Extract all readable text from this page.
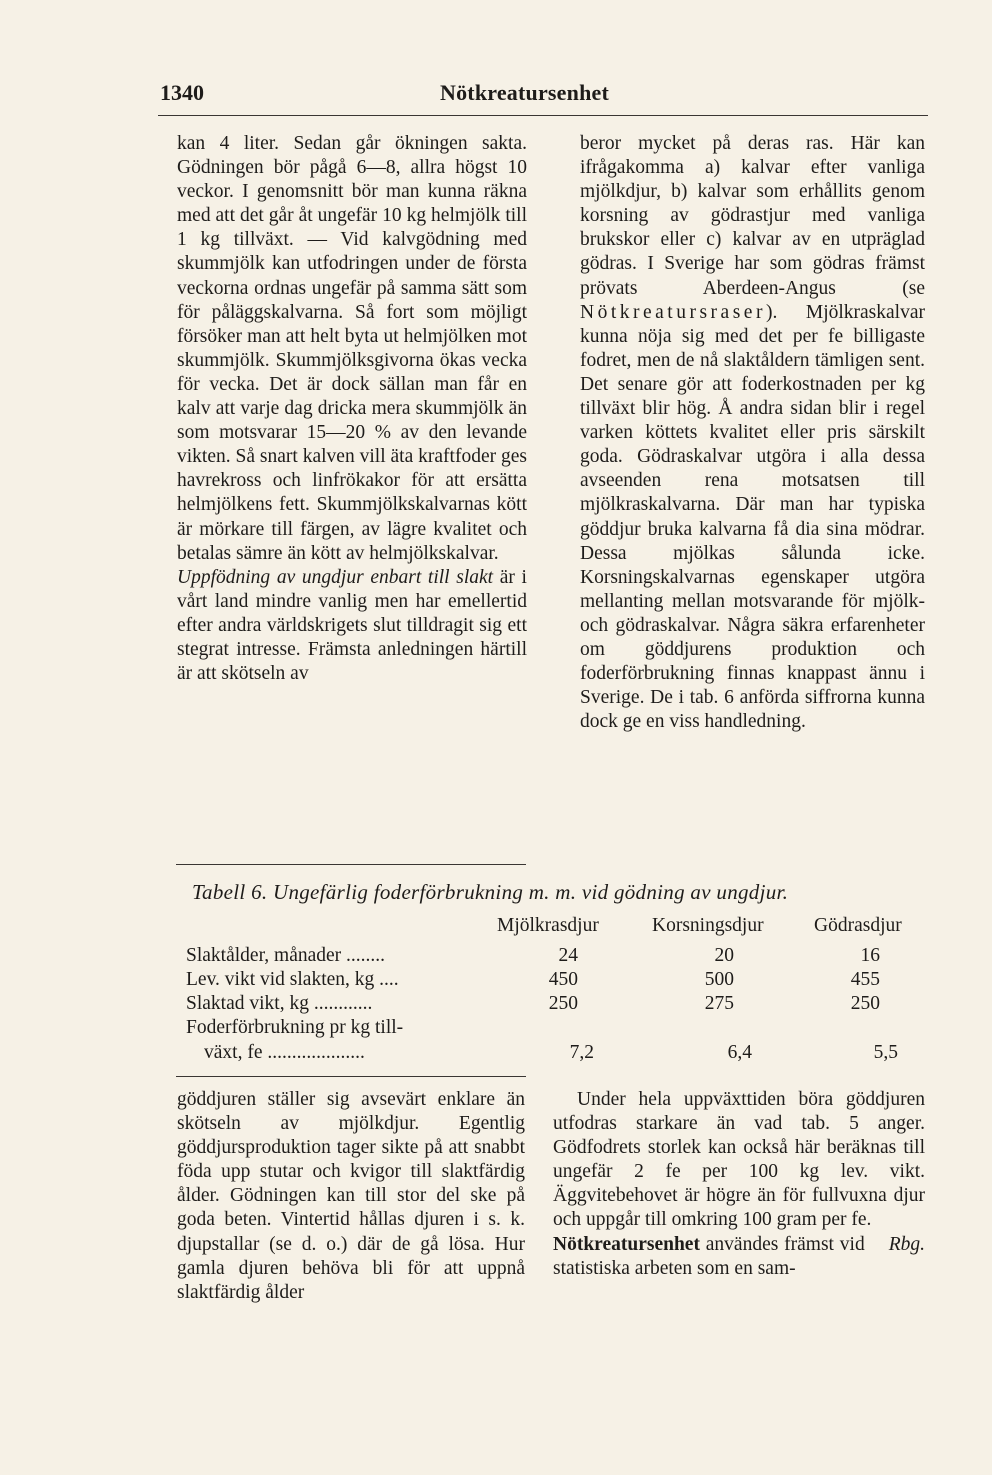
1340	Nötkreatursenhet

kan 4 liter. Sedan går ökningen sakta. Gödningen bör pågå 6—8, allra högst 10 veckor. I genomsnitt bör man kunna räkna med att det går åt ungefär 10 kg helmjölk till 1 kg tillväxt. — Vid kalvgödning med skummjölk kan utfodringen under de första veckorna ordnas ungefär på samma sätt som för påläggskalvarna. Så fort som möjligt försöker man att helt byta ut helmjölken mot skummjölk. Skummjölksgivorna ökas vecka för vecka. Det är dock sällan man får en kalv att varje dag dricka mera skummjölk än som motsvarar 15—20 % av den levande vikten. Så snart kalven vill äta kraftfoder ges havrekross och linfrökakor för att ersätta helmjölkens fett. Skummjölkskalvarnas kött är mörkare till färgen, av lägre kvalitet och betalas sämre än kött av helmjölkskalvar.

Uppfödning av ungdjur enbart till slakt är i vårt land mindre vanlig men har emellertid efter andra världskrigets slut tilldragit sig ett stegrat intresse. Främsta anledningen härtill är att skötseln av

beror mycket på deras ras. Här kan ifrågakomma a) kalvar efter vanliga mjölkdjur, b) kalvar som erhållits genom korsning av gödrastjur med vanliga brukskor eller c) kalvar av en utpräglad gödras. I Sverige har som gödras främst prövats Aberdeen-Angus (se Nötkreatursraser). Mjölkraskalvar kunna nöja sig med det per fe billigaste fodret, men de nå slaktåldern tämligen sent. Det senare gör att foderkostnaden per kg tillväxt blir hög. Å andra sidan blir i regel varken köttets kvalitet eller pris särskilt goda. Gödraskalvar utgöra i alla dessa avseenden rena motsatsen till mjölkraskalvarna. Där man har typiska göddjur bruka kalvarna få dia sina mödrar. Dessa mjölkas sålunda icke. Korsningskalvarnas egenskaper utgöra mellanting mellan motsvarande för mjölk- och gödraskalvar. Några säkra erfarenheter om göddjurens produktion och foderförbrukning finnas knappast ännu i Sverige. De i tab. 6 anförda siffrorna kunna dock ge en viss handledning.

Tabell 6. Ungefärlig foderförbrukning m. m. vid gödning av ungdjur.
Mjölkrasdjur	Korsningsdjur	Gödrasdjur
Slaktålder, månader ........	24	20	16
Lev. vikt vid slakten, kg ....	450	500	455
Slaktad vikt, kg ............	250	275	250
Foderförbrukning pr kg till-
växt, fe ....................	7,2	6,4	5,5

göddjuren ställer sig avsevärt enklare än skötseln av mjölkdjur. Egentlig göddjursproduktion tager sikte på att snabbt föda upp stutar och kvigor till slaktfärdig ålder. Gödningen kan till stor del ske på goda beten. Vintertid hållas djuren i s. k. djupstallar (se d. o.) där de gå lösa. Hur gamla djuren behöva bli för att uppnå slaktfärdig ålder

Under hela uppväxttiden böra göddjuren utfodras starkare än vad tab. 5 anger. Gödfodrets storlek kan också här beräknas till ungefär 2 fe per 100 kg lev. vikt. Äggvitebehovet är högre än för fullvuxna djur och uppgår till omkring 100 gram per fe.
Rbg.

Nötkreatursenhet användes främst vid statistiska arbeten som en sam-
